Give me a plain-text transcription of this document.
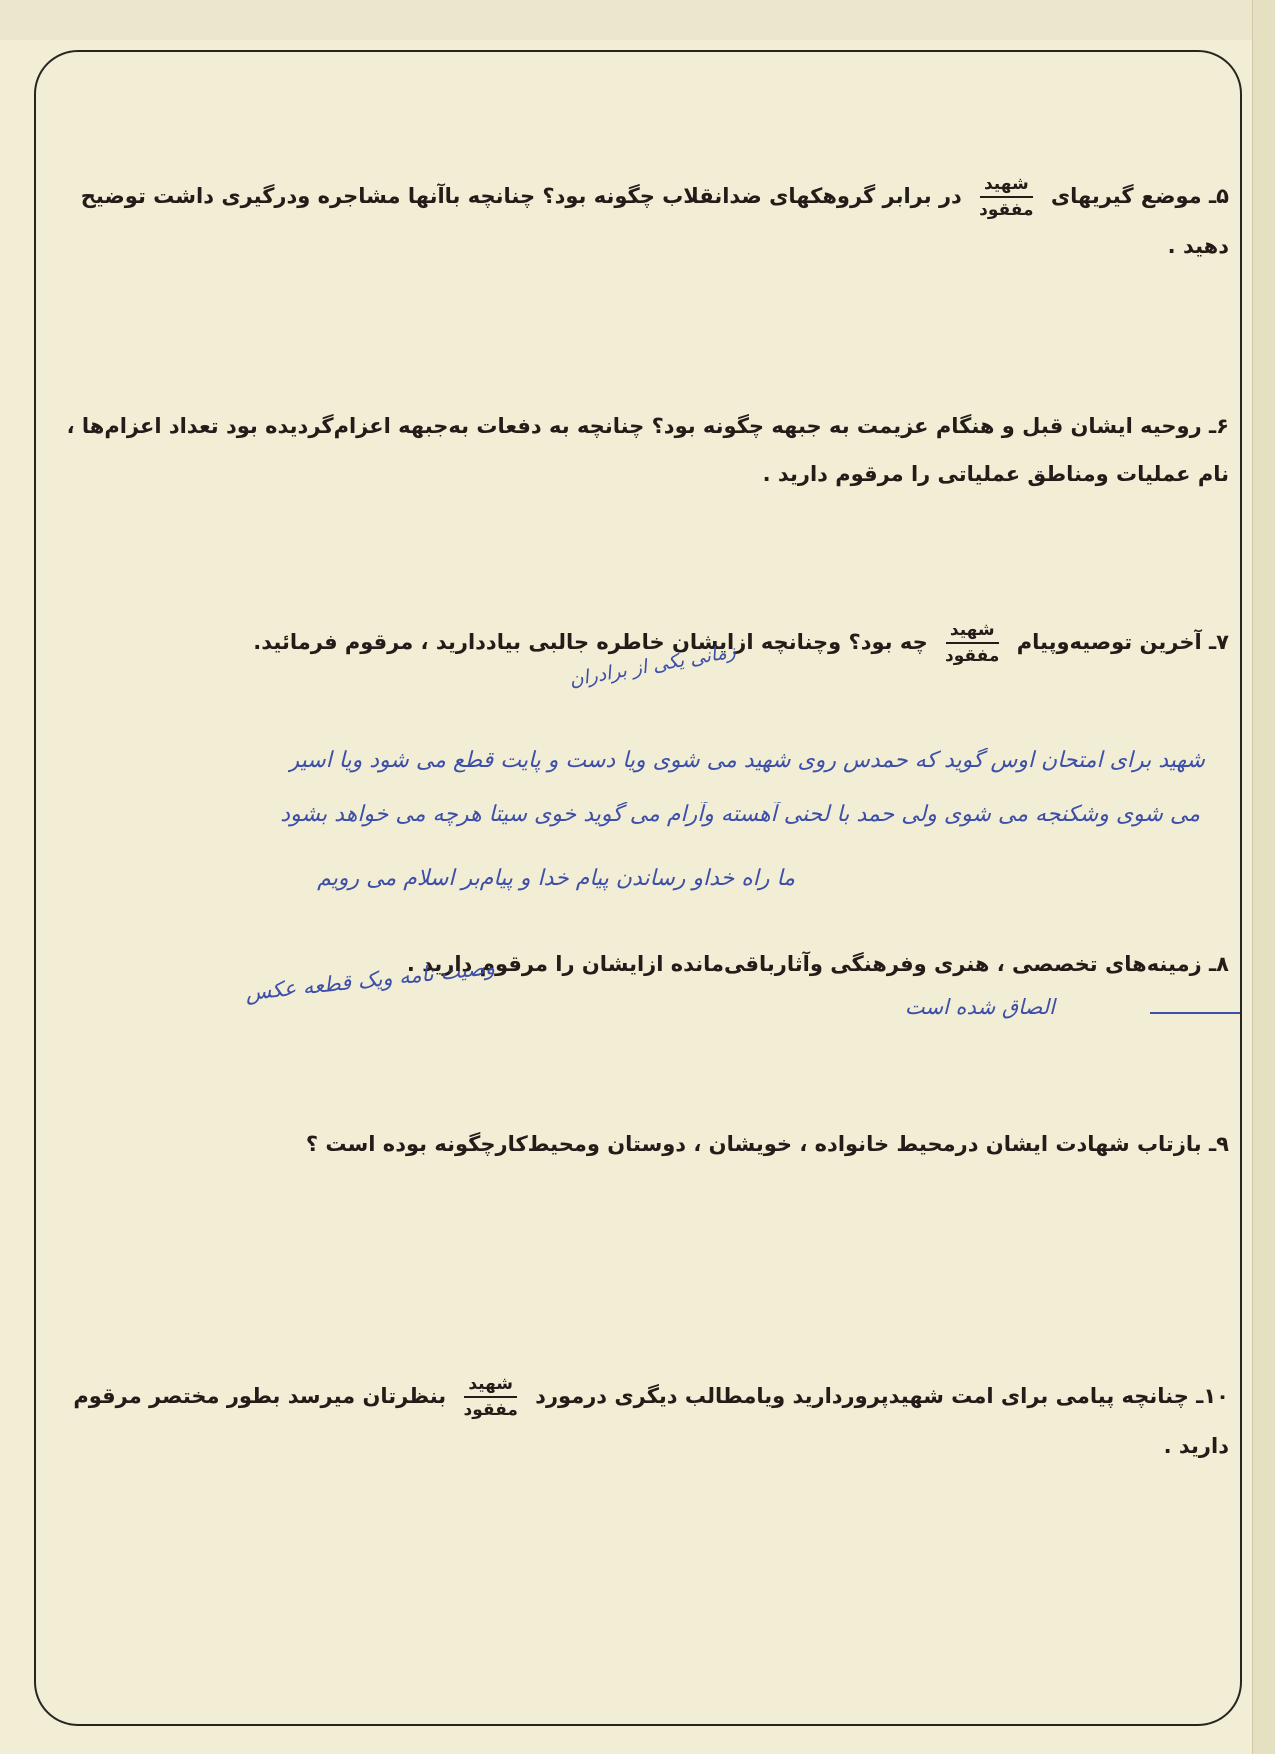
۵ـ موضع گیریهای
$\frac{\text{شهید}}{\text{مفقود}}$
در برابر گروهکهای ضدانقلاب چگونه بود؟ چنانچه باآنها مشاجره ودرگیری داشت توضیح دهید .
۶ـ روحیه ایشان قبل و هنگام عزیمت به جبهه چگونه بود؟ چنانچه به دفعات به‌جبهه اعزام‌گردیده بود تعداد اعزام‌ها ، نام عملیات ومناطق عملیاتی را مرقوم دارید .
۷ـ آخرین توصیه‌وپیام
$\frac{\text{شهید}}{\text{مفقود}}$
چه بود؟ وچنانچه ازایشان خاطره جالبی بیاددارید ، مرقوم فرمائید.
زمانی یکی از برادران
شهید برای امتحان اوس گوید که حمدس روی شهید می شوی ویا دست و پایت قطع می شود ویا اسیر
می شوی وشکنجه می شوی ولی حمد با لحنی آهسته وآرام می گوید خوی سیتا هرچه می خواهد بشود
ما راه خداو رساندن پیام خدا و پیام‌بر اسلام می رویم
۸ـ زمینه‌های تخصصی ، هنری وفرهنگی وآثارباقی‌مانده ازایشان را مرقوم دارید .
وصیت نامه ویک قطعه عکس
الصاق شده است
۹ـ بازتاب شهادت ایشان درمحیط خانواده ، خویشان ، دوستان ومحیط‌کارچگونه بوده است ؟
۱۰ـ چنانچه پیامی برای امت شهیدپروردارید ویامطالب دیگری درمورد
$\frac{\text{شهید}}{\text{مفقود}}$
بنظرتان میرسد بطور مختصر مرقوم دارید .
